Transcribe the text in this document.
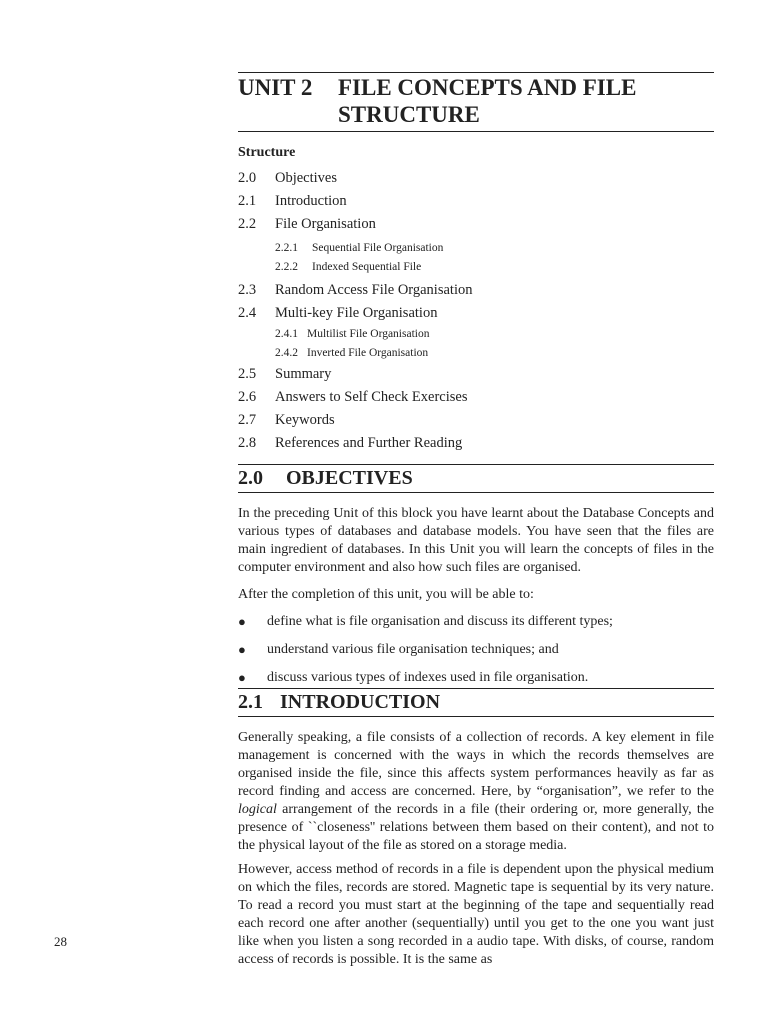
UNIT 2	FILE CONCEPTS AND FILE
STRUCTURE
Structure
2.0	Objectives
2.1	Introduction
2.2	File Organisation
2.2.1	Sequential File Organisation
2.2.2	Indexed Sequential File
2.3	Random Access File Organisation
2.4	Multi-key File Organisation
2.4.1 Multilist File Organisation
2.4.2 Inverted File Organisation
2.5	Summary
2.6	Answers to Self Check Exercises
2.7	Keywords
2.8	References and Further Reading
2.0	OBJECTIVES

In the preceding Unit of this block you have learnt about the Database Concepts and various types of databases and database models. You have seen that the files are main ingredient of databases. In this Unit you will learn the concepts of files in the computer environment and also how such files are organised.

After the completion of this unit, you will be able to:

●	define what is file organisation and discuss its different types;
●	understand various file organisation techniques; and
●	discuss various types of indexes used in file organisation.
2.1 INTRODUCTION

Generally speaking, a file consists of a collection of records. A key element in file management is concerned with the ways in which the records themselves are organised inside the file, since this affects system performances heavily as far as record finding and access are concerned. Here, by “organisation”, we refer to the logical arrangement of the records in a file (their ordering or, more generally, the presence of ``closeness'' relations between them based on their content), and not to the physical layout of the file as stored on a storage media.

However, access method of records in a file is dependent upon the physical medium on which the files, records are stored. Magnetic tape is sequential by its very nature. To read a record you must start at the beginning of the tape and sequentially read each record one after another (sequentially) until you get to the one you want just like when you listen a song recorded in a audio tape. With disks, of course, random access of records is possible. It is the same as

28
